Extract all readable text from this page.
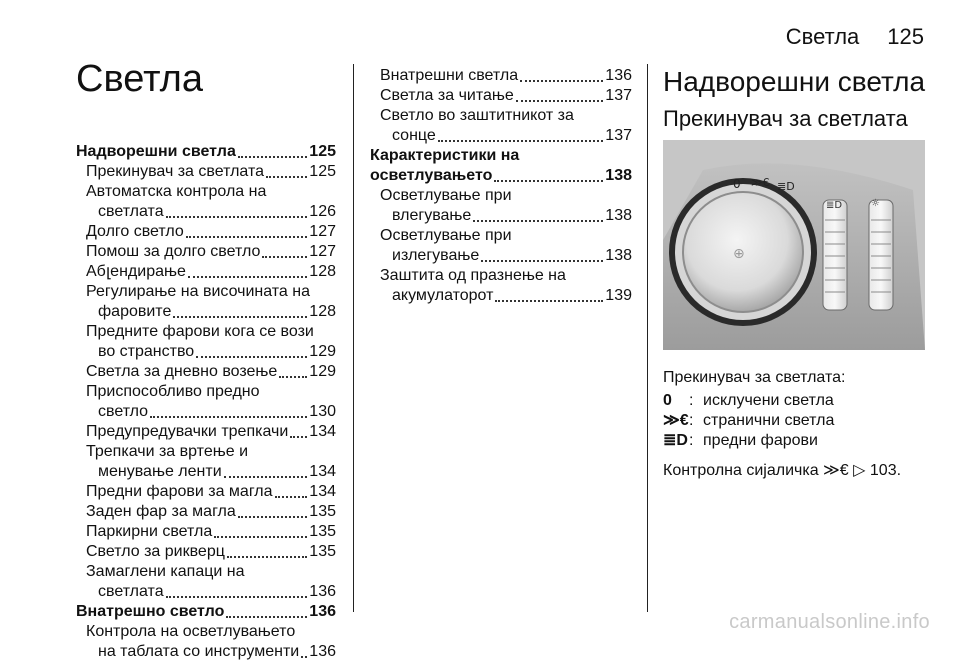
Светла 125
Светла
Надворешни светла	125
Прекинувач за светлата	125
Автоматска контрола на
светлата	126
Долго светло	127
Помош за долго светло	127
Абլендирање	128
Регулирање на височината на
фаровите	128
Предните фарови кога се вози
во странство	129
Светла за дневно возење 129
Приспособливо предно
светло	130
Предупредувачки трепкачи 134
Трепкачи за вртење и
менување ленти	134
Предни фарови за магла 134
Заден фар за магла	135
Паркирни светла	135
Светло за рикверц	135
Замаглени капаци на
светлата	136
Внатрешно светло	136
Контрола на осветлувањето
на таблата со инструменти 136
Внатрешни светла	136
Светла за читање	137
Светло во заштитникот за
сонце	137
Карактеристики на
осветлувањето	138
Осветлување при
влегување	138
Осветлување при
излегување	138
Заштита од празнење на
акумулаторот	139
Надворешни светла
Прекинувач за светлата
⊕
0 ≫€ ≣D
≣D	☼
Прекинувач за светлата:
0	: исклучени светла
≫€ : странични светла
≣D : предни фарови
Контролна сијаличка ≫€ ▷ 103.
carmanualsonline.info
